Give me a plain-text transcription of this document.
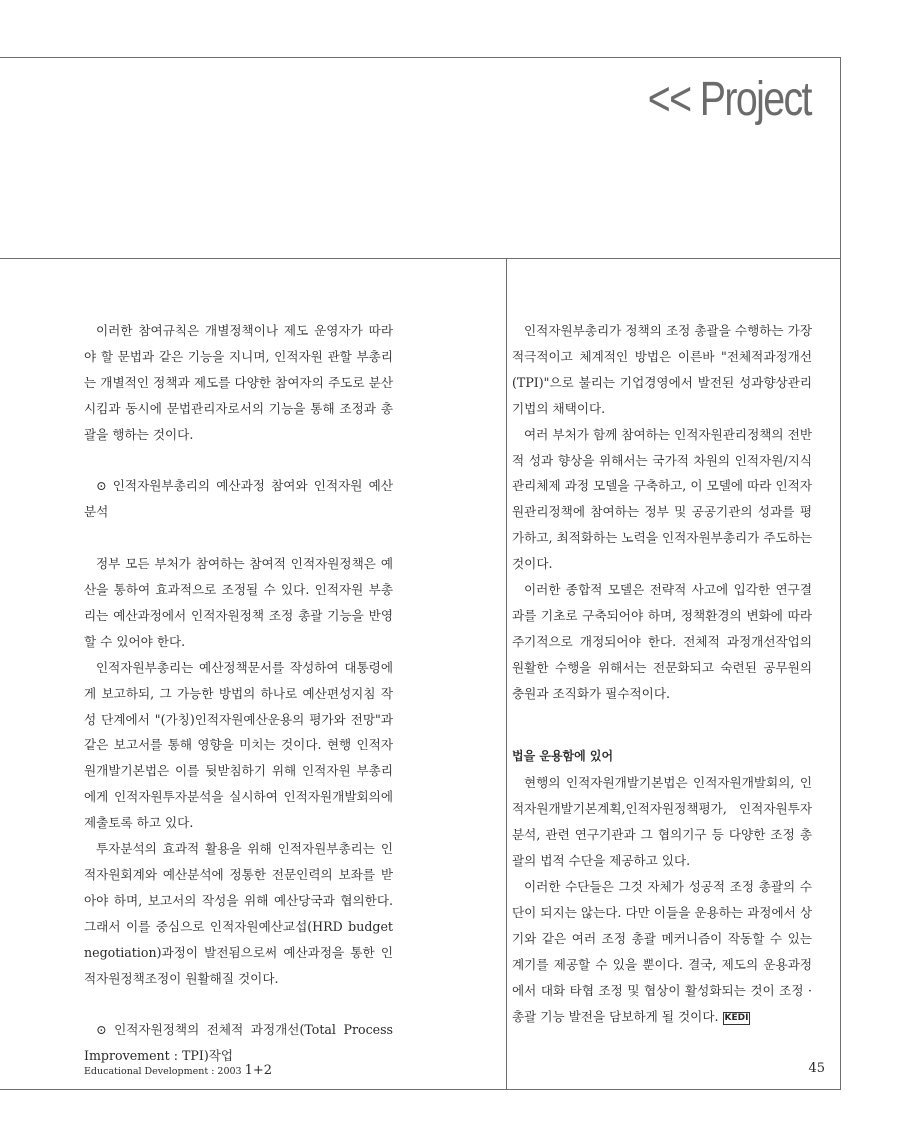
<< Project

이러한 참여규칙은 개별정책이나 제도 운영자가 따라야 할 문법과 같은 기능을 지니며, 인적자원 관할 부총리는 개별적인 정책과 제도를 다양한 참여자의 주도로 분산시킴과 동시에 문법관리자로서의 기능을 통해 조정과 총괄을 행하는 것이다.

⊙ 인적자원부총리의 예산과정 참여와 인적자원 예산분석

정부 모든 부처가 참여하는 참여적 인적자원정책은 예산을 통하여 효과적으로 조정될 수 있다. 인적자원 부총리는 예산과정에서 인적자원정책 조정 총괄 기능을 반영할 수 있어야 한다.

인적자원부총리는 예산정책문서를 작성하여 대통령에게 보고하되, 그 가능한 방법의 하나로 예산편성지침 작성 단계에서 "(가칭)인적자원예산운용의 평가와 전망"과 같은 보고서를 통해 영향을 미치는 것이다. 현행 인적자원개발기본법은 이를 뒷받침하기 위해 인적자원 부총리에게 인적자원투자분석을 실시하여 인적자원개발회의에 제출토록 하고 있다.

투자분석의 효과적 활용을 위해 인적자원부총리는 인적자원회계와 예산분석에 정통한 전문인력의 보좌를 받아야 하며, 보고서의 작성을 위해 예산당국과 협의한다. 그래서 이를 중심으로 인적자원예산교섭(HRD budget negotiation)과정이 발전됨으로써 예산과정을 통한 인적자원정책조정이 원활해질 것이다.

⊙ 인적자원정책의 전체적 과정개선(Total Process Improvement : TPI)작업

인적자원부총리가 정책의 조정 총괄을 수행하는 가장 적극적이고 체계적인 방법은 이른바 "전체적과정개선(TPI)"으로 불리는 기업경영에서 발전된 성과향상관리기법의 채택이다.

여러 부처가 함께 참여하는 인적자원관리정책의 전반적 성과 향상을 위해서는 국가적 차원의 인적자원/지식관리체제 과정 모델을 구축하고, 이 모델에 따라 인적자원관리정책에 참여하는 정부 및 공공기관의 성과를 평가하고, 최적화하는 노력을 인적자원부총리가 주도하는 것이다.

이러한 종합적 모델은 전략적 사고에 입각한 연구결과를 기초로 구축되어야 하며, 정책환경의 변화에 따라 주기적으로 개정되어야 한다. 전체적 과정개선작업의 원활한 수행을 위해서는 전문화되고 숙련된 공무원의 충원과 조직화가 필수적이다.

법을 운용함에 있어

현행의 인적자원개발기본법은 인적자원개발회의, 인적자원개발기본계획,인적자원정책평가, 인적자원투자분석, 관련 연구기관과 그 협의기구 등 다양한 조정 총괄의 법적 수단을 제공하고 있다.

이러한 수단들은 그것 자체가 성공적 조정 총괄의 수단이 되지는 않는다. 다만 이들을 운용하는 과정에서 상기와 같은 여러 조정 총괄 메커니즘이 작동할 수 있는 계기를 제공할 수 있을 뿐이다. 결국, 제도의 운용과정에서 대화 타협 조정 및 협상이 활성화되는 것이 조정 · 총괄 기능 발전을 담보하게 될 것이다. KEDI

Educational Development : 2003 1+2	45
